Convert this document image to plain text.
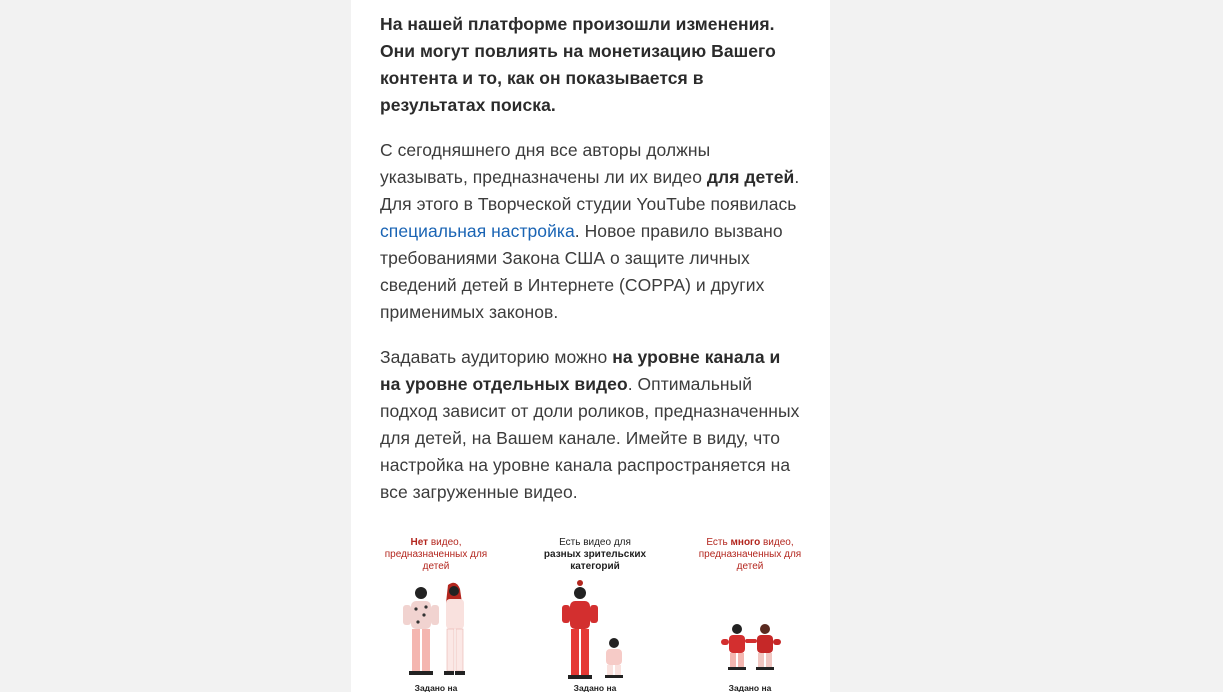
На нашей платформе произошли изменения. Они могут повлиять на монетизацию Вашего контента и то, как он показывается в результатах поиска.

С сегодняшнего дня все авторы должны указывать, предназначены ли их видео для детей. Для этого в Творческой студии YouTube появилась специальная настройка. Новое правило вызвано требованиями Закона США о защите личных сведений детей в Интернете (COPPA) и других применимых законов.

Задавать аудиторию можно на уровне канала и на уровне отдельных видео. Оптимальный подход зависит от доли роликов, предназначенных для детей, на Вашем канале. Имейте в виду, что настройка на уровне канала распространяется на все загруженные видео.

Нет видео, предназначенных для детей
Задано на
Есть видео для
разных зрительских категорий
Задано на
Есть много видео, предназначенных для детей
Задано на
